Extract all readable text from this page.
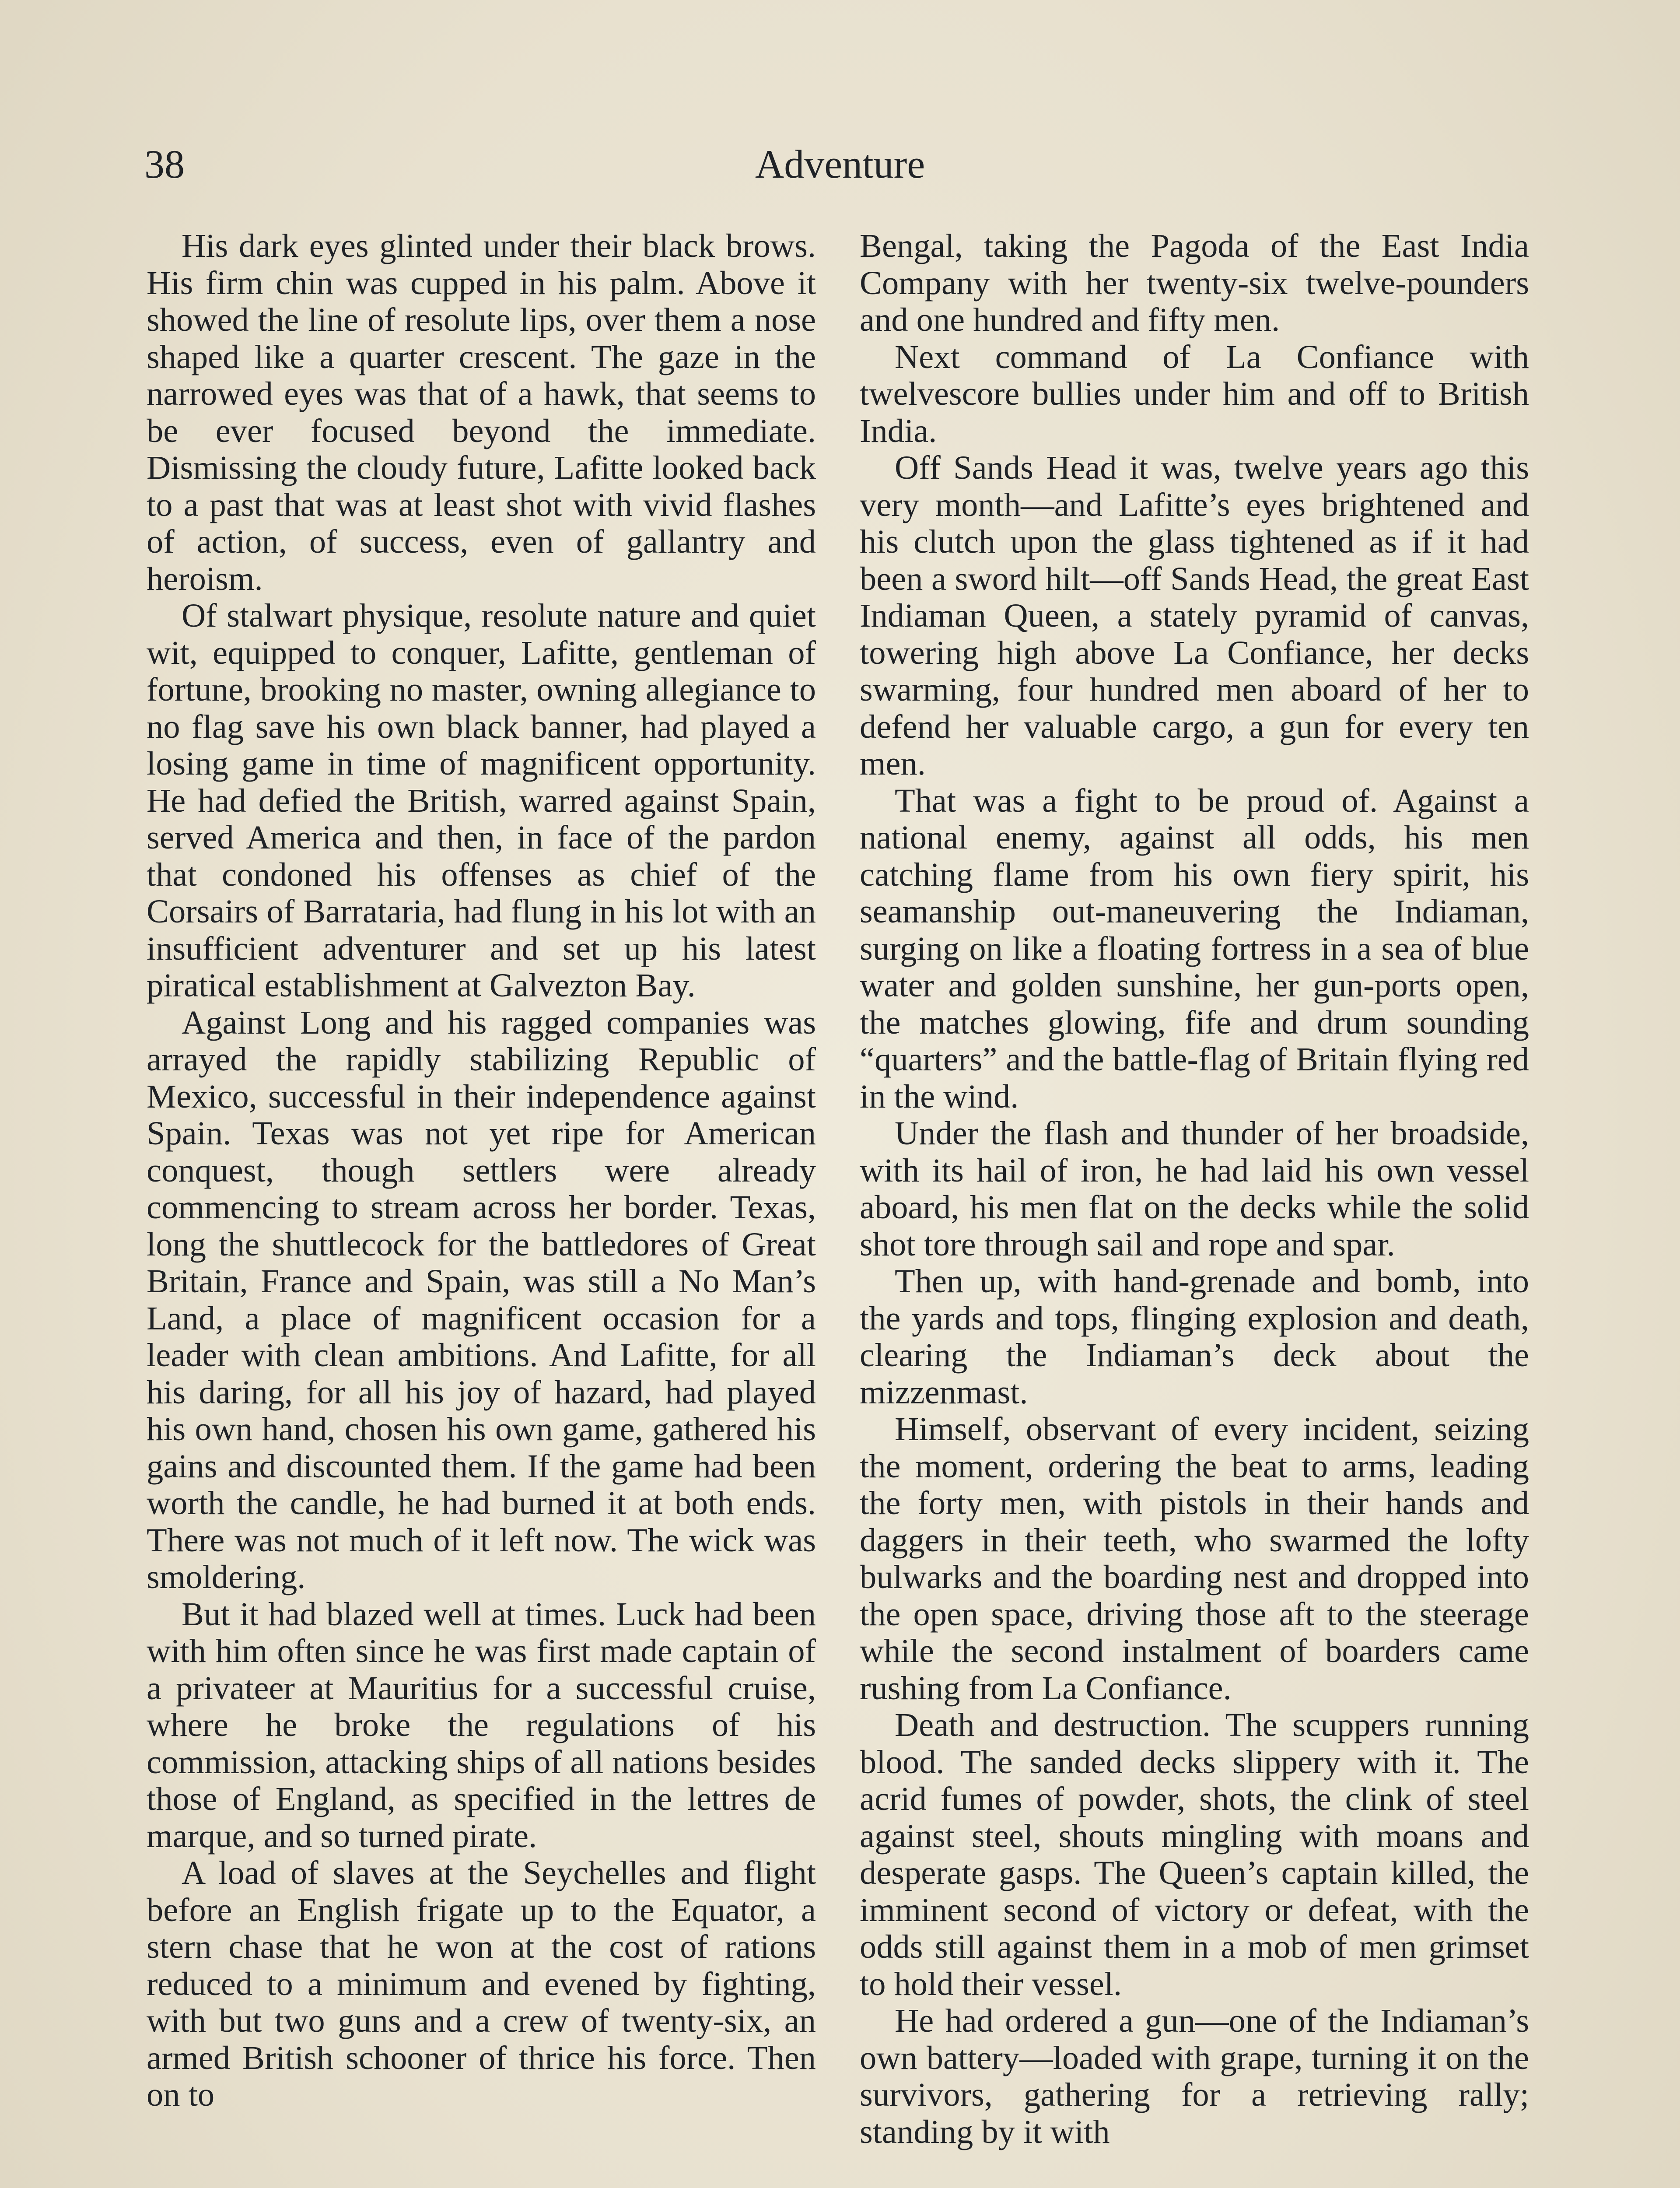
38	Adventure

His dark eyes glinted under their black brows. His firm chin was cupped in his palm. Above it showed the line of resolute lips, over them a nose shaped like a quarter crescent. The gaze in the narrowed eyes was that of a hawk, that seems to be ever focused beyond the immediate. Dismissing the cloudy future, Lafitte looked back to a past that was at least shot with vivid flashes of action, of success, even of gallantry and heroism.

Of stalwart physique, resolute nature and quiet wit, equipped to conquer, Lafitte, gentleman of fortune, brooking no master, owning allegiance to no flag save his own black banner, had played a losing game in time of magnificent opportunity. He had defied the British, warred against Spain, served America and then, in face of the pardon that condoned his offenses as chief of the Corsairs of Barrataria, had flung in his lot with an insufficient adventurer and set up his latest piratical establishment at Galvezton Bay.

Against Long and his ragged companies was arrayed the rapidly stabilizing Republic of Mexico, successful in their independence against Spain. Texas was not yet ripe for American conquest, though settlers were already commencing to stream across her border. Texas, long the shuttlecock for the battledores of Great Britain, France and Spain, was still a No Man’s Land, a place of magnificent occasion for a leader with clean ambitions. And Lafitte, for all his daring, for all his joy of hazard, had played his own hand, chosen his own game, gathered his gains and discounted them. If the game had been worth the candle, he had burned it at both ends. There was not much of it left now. The wick was smoldering.

But it had blazed well at times. Luck had been with him often since he was first made captain of a privateer at Mauritius for a successful cruise, where he broke the regulations of his commission, attacking ships of all nations besides those of England, as specified in the lettres de marque, and so turned pirate.

A load of slaves at the Seychelles and flight before an English frigate up to the Equator, a stern chase that he won at the cost of rations reduced to a minimum and evened by fighting, with but two guns and a crew of twenty-six, an armed British schooner of thrice his force. Then on to

Bengal, taking the Pagoda of the East India Company with her twenty-six twelve-pounders and one hundred and fifty men.

Next command of La Confiance with twelvescore bullies under him and off to British India.

Off Sands Head it was, twelve years ago this very month—and Lafitte’s eyes brightened and his clutch upon the glass tightened as if it had been a sword hilt—off Sands Head, the great East Indiaman Queen, a stately pyramid of canvas, towering high above La Confiance, her decks swarming, four hundred men aboard of her to defend her valuable cargo, a gun for every ten men.

That was a fight to be proud of. Against a national enemy, against all odds, his men catching flame from his own fiery spirit, his seamanship out-maneuvering the Indiaman, surging on like a floating fortress in a sea of blue water and golden sunshine, her gun-ports open, the matches glowing, fife and drum sounding “quarters” and the battle-flag of Britain flying red in the wind.

Under the flash and thunder of her broadside, with its hail of iron, he had laid his own vessel aboard, his men flat on the decks while the solid shot tore through sail and rope and spar.

Then up, with hand-grenade and bomb, into the yards and tops, flinging explosion and death, clearing the Indiaman’s deck about the mizzenmast.

Himself, observant of every incident, seizing the moment, ordering the beat to arms, leading the forty men, with pistols in their hands and daggers in their teeth, who swarmed the lofty bulwarks and the boarding nest and dropped into the open space, driving those aft to the steerage while the second instalment of boarders came rushing from La Confiance.

Death and destruction. The scuppers running blood. The sanded decks slippery with it. The acrid fumes of powder, shots, the clink of steel against steel, shouts mingling with moans and desperate gasps. The Queen’s captain killed, the imminent second of victory or defeat, with the odds still against them in a mob of men grimset to hold their vessel.

He had ordered a gun—one of the Indiaman’s own battery—loaded with grape, turning it on the survivors, gathering for a retrieving rally; standing by it with
